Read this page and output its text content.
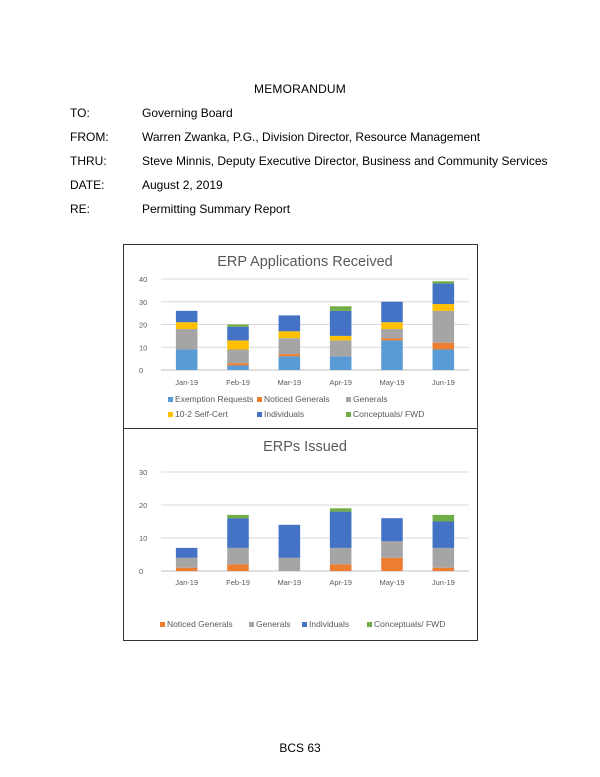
MEMORANDUM
TO:	Governing Board
FROM:	Warren Zwanka, P.G., Division Director, Resource Management
THRU:	Steve Minnis, Deputy Executive Director, Business and Community Services
DATE:	August 2, 2019
RE:	Permitting Summary Report
ERP Applications Received
0
10
20
30
40
Jan-19	Feb-19	Mar-19	Apr-19	May-19	Jun-19
Exemption Requests Noticed Generals	Generals
10-2 Self-Cert	Individuals	Conceptuals/ FWD
ERPs Issued
0
10
20
30
Jan-19	Feb-19	Mar-19	Apr-19	May-19	Jun-19
Noticed Generals	Generals Individuals	Conceptuals/ FWD
BCS 63
